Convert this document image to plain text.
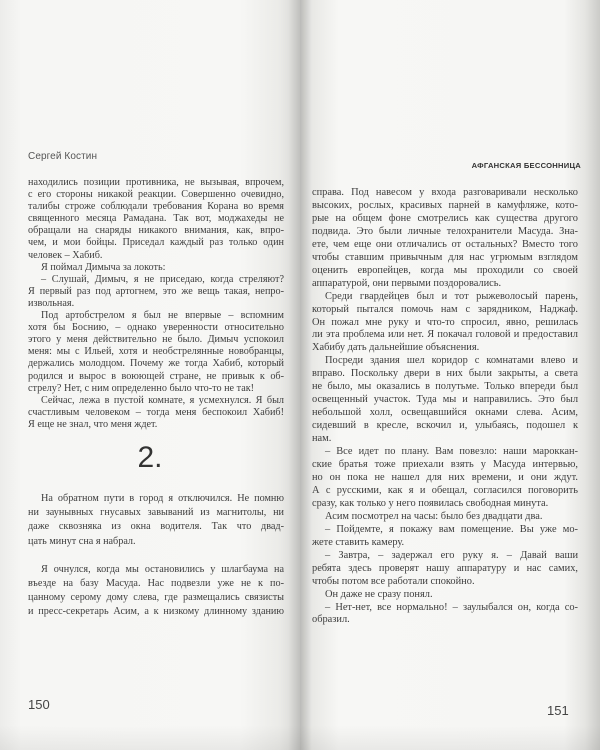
Сергей Костин
находились позиции противника, не вызывая, впрочем,
с его стороны никакой реакции. Совершенно очевидно,
талибы строже соблюдали требования Корана во время
священного месяца Рамадана. Так вот, моджахеды не
обращали на снаряды никакого внимания, как, впро-
чем, и мои бойцы. Приседал каждый раз только один
человек – Хабиб.
Я поймал Димыча за локоть:
– Слушай, Димыч, я не приседаю, когда стреляют?
Я первый раз под артогнем, это же вещь такая, непро-
извольная.
Под артобстрелом я был не впервые – вспомним
хотя бы Боснию, – однако уверенности относительно
этого у меня действительно не было. Димыч успокоил
меня: мы с Ильей, хотя и необстрелянные новобранцы,
держались молодцом. Почему же тогда Хабиб, который
родился и вырос в воюющей стране, не привык к об-
стрелу? Нет, с ним определенно было что-то не так!
Сейчас, лежа в пустой комнате, я усмехнулся. Я был
счастливым человеком – тогда меня беспокоил Хабиб!
Я еще не знал, что меня ждет.
2.
На обратном пути в город я отключился. Не помню
ни заунывных гнусавых завываний из магнитолы, ни
даже сквозняка из окна водителя. Так что двад-
цать минут сна я набрал.
Я очнулся, когда мы остановились у шлагбаума на
въезде на базу Масуда. Нас подвезли уже не к по-
цанному серому дому слева, где размещались связисты
и пресс-секретарь Асим, а к низкому длинному зданию
150
АФГАНСКАЯ БЕССОННИЦА
справа. Под навесом у входа разговаривали несколько
высоких, рослых, красивых парней в камуфляже, кото-
рые на общем фоне смотрелись как существа другого
подвида. Это были личные телохранители Масуда. Зна-
ете, чем еще они отличались от остальных? Вместо того
чтобы ставшим привычным для нас угрюмым взглядом
оценить европейцев, когда мы проходили со своей
аппаратурой, они первыми поздоровались.
Среди гвардейцев был и тот рыжеволосый парень,
который пытался помочь нам с зарядником, Наджаф.
Он пожал мне руку и что-то спросил, явно, решилась
ли эта проблема или нет. Я покачал головой и предоставил
Хабибу дать дальнейшие объяснения.
Посреди здания шел коридор с комнатами влево и
вправо. Поскольку двери в них были закрыты, а света
не было, мы оказались в полутьме. Только впереди был
освещенный участок. Туда мы и направились. Это был
небольшой холл, освещавшийся окнами слева. Асим,
сидевший в кресле, вскочил и, улыбаясь, подошел к
нам.
– Все идет по плану. Вам повезло: наши мароккан-
ские братья тоже приехали взять у Масуда интервью,
но он пока не нашел для них времени, и они ждут.
А с русскими, как я и обещал, согласился поговорить
сразу, как только у него появилась свободная минута.
Асим посмотрел на часы: было без двадцати два.
– Пойдемте, я покажу вам помещение. Вы уже мо-
жете ставить камеру.
– Завтра, – задержал его руку я. – Давай ваши
ребята здесь проверят нашу аппаратуру и нас самих,
чтобы потом все работали спокойно.
Он даже не сразу понял.
– Нет-нет, все нормально! – заулыбался он, когда со-
образил.
151
